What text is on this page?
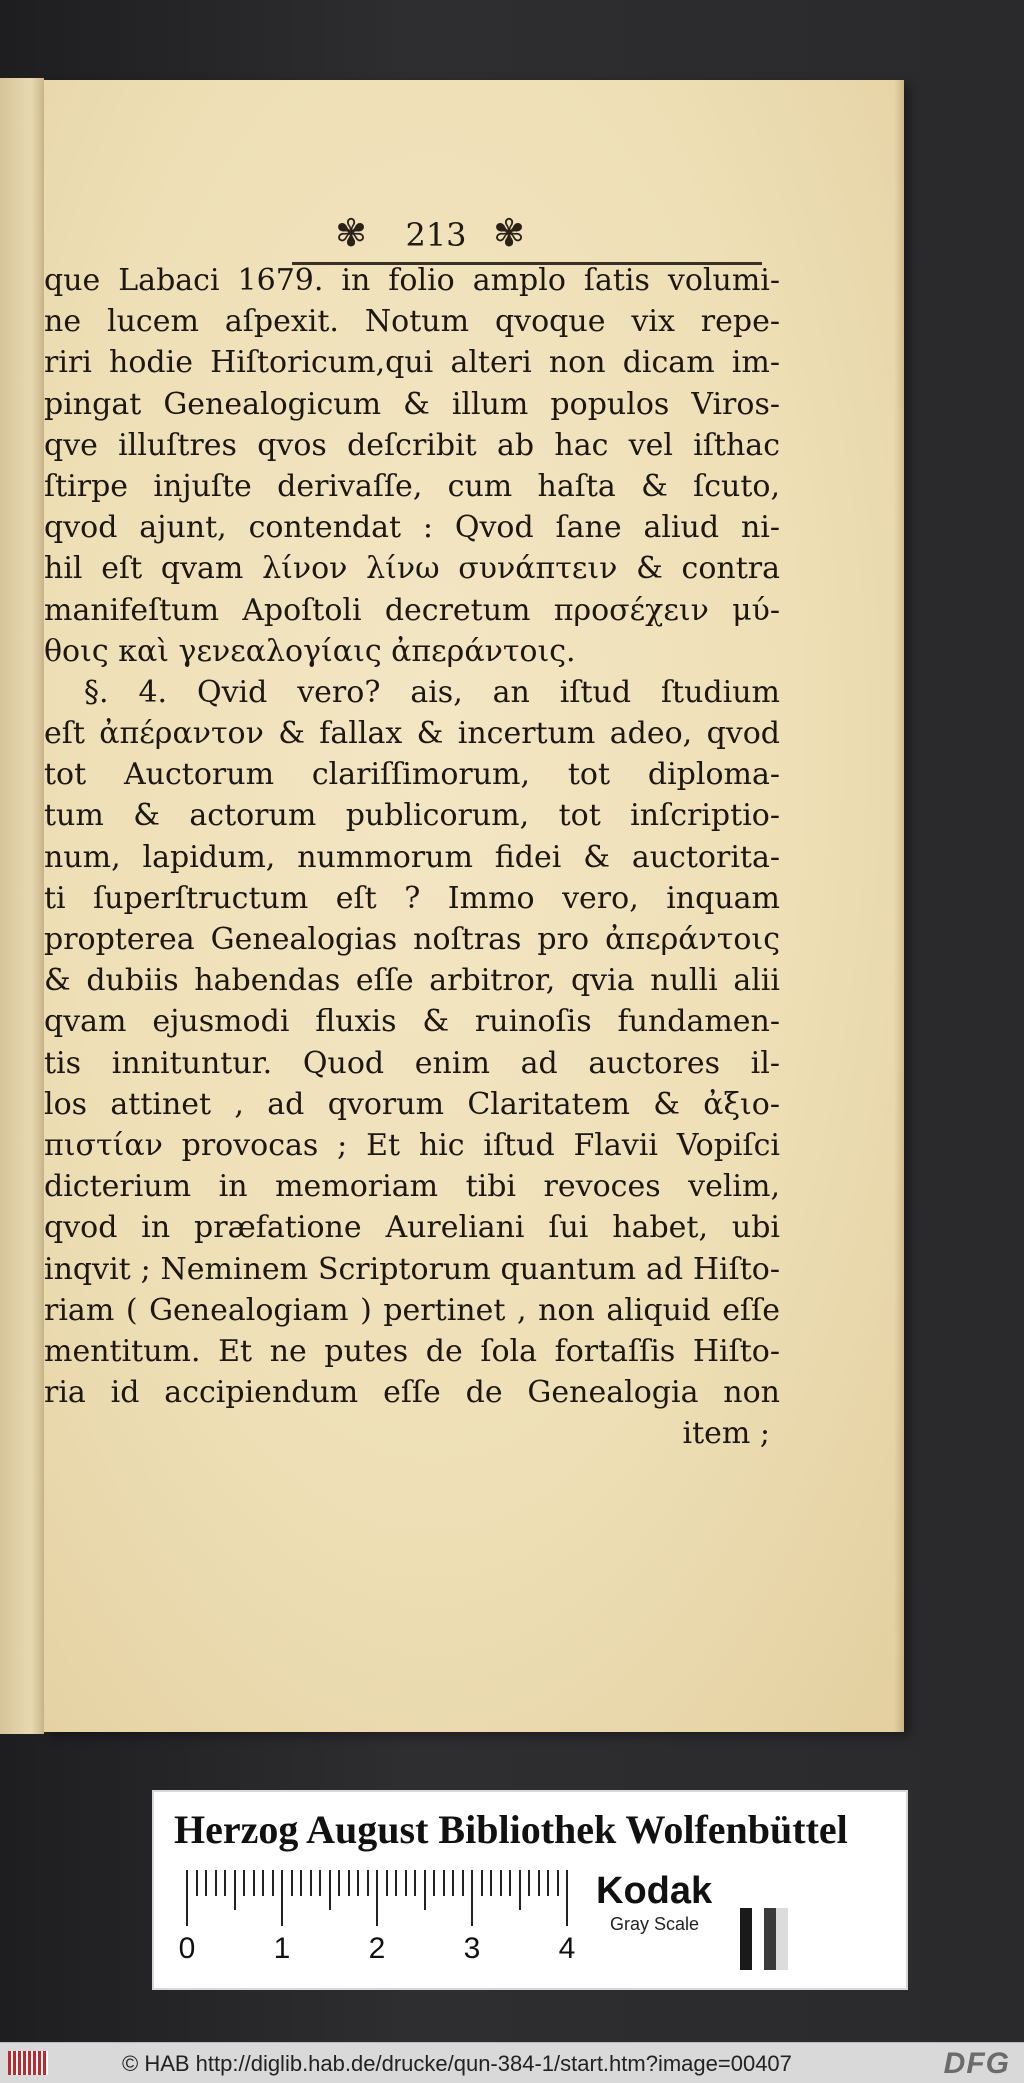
✾ 213 ✾
que Labaci 1679. in folio amplo ſatis volumi-
ne lucem aſpexit. Notum qvoque vix repe-
riri hodie Hiſtoricum,qui alteri non dicam im-
pingat Genealogicum & illum populos Viros-
qve illuſtres qvos deſcribit ab hac vel iſthac
ſtirpe injuſte derivaſſe, cum haſta & ſcuto,
qvod ajunt, contendat : Qvod ſane aliud ni-
hil eſt qvam λίνον λίνω συνάπτειν & contra
manifeſtum Apoſtoli decretum προσέχειν μύ-
θοις καὶ γενεαλογίαις ἀπεράντοις.
§. 4. Qvid vero? ais, an iſtud ſtudium
eſt ἀπέραντον & fallax & incertum adeo, qvod
tot Auctorum clariſſimorum, tot diploma-
tum & actorum publicorum, tot inſcriptio-
num, lapidum, nummorum fidei & auctorita-
ti ſuperſtructum eſt ? Immo vero, inquam
propterea Genealogias noſtras pro ἀπεράντοις
& dubiis habendas eſſe arbitror, qvia nulli alii
qvam ejusmodi fluxis & ruinoſis fundamen-
tis innituntur. Quod enim ad auctores il-
los attinet , ad qvorum Claritatem & ἀξιο-
πιστίαν provocas ; Et hic iſtud Flavii Vopiſci
dicterium in memoriam tibi revoces velim,
qvod in præfatione Aureliani ſui habet, ubi
inqvit ; Neminem Scriptorum quantum ad Hiſto-
riam ( Genealogiam ) pertinet , non aliquid eſſe
mentitum. Et ne putes de ſola fortaſſis Hiſto-
ria id accipiendum eſſe de Genealogia non
item ;
Herzog August Bibliothek Wolfenbüttel
0	1	2	3	4
Kodak
Gray Scale
© HAB http://diglib.hab.de/drucke/qun-384-1/start.htm?image=00407	DFG
